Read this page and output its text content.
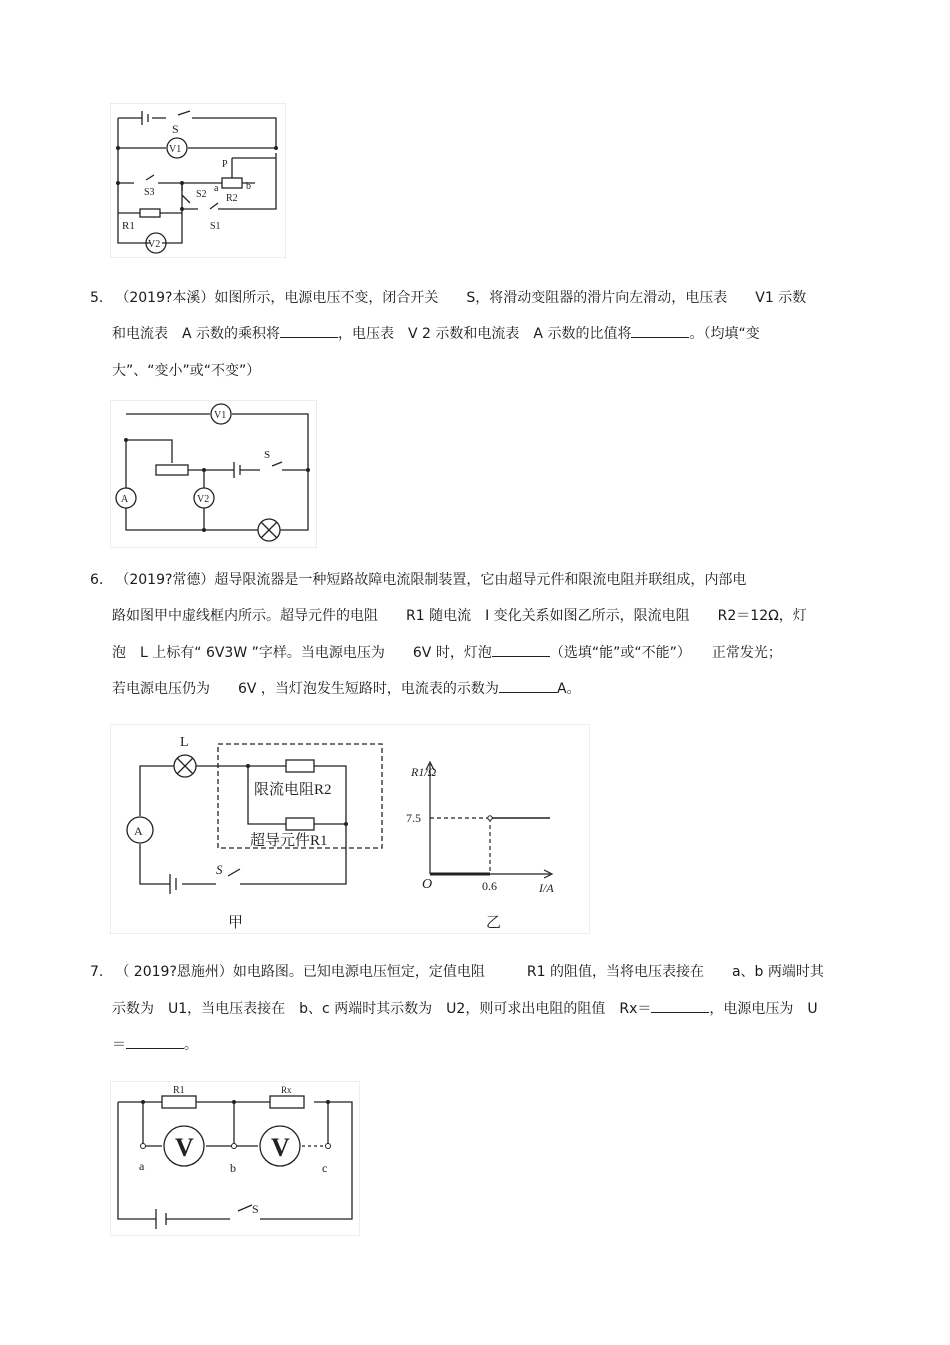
S
V1
P
S3	S2
a	b
R2
R1	S1
V2
5. （2019?本溪）如图所示，电源电压不变，闭合开关　　S，将滑动变阻器的滑片向左滑动，电压表　　V1 示数
和电流表　A 示数的乘积将	，电压表　V 2 示数和电流表　A 示数的比值将	。（均填“变
大”、“变小”或“不变”）
V1
S
A	V2
6. （2019?常德）超导限流器是一种短路故障电流限制装置，它由超导元件和限流电阻并联组成，内部电
路如图甲中虚线框内所示。超导元件的电阻　　R1 随电流　I 变化关系如图乙所示，限流电阻　　R2＝12Ω，灯
泡　L 上标有“ 6V3W ”字样。当电源电压为　　6V 时，灯泡	（选填“能”或“不能”）　　正常发光；
若电源电压仍为　　6V ，当灯泡发生短路时，电流表的示数为	A。
L
A
S
限流电阻R2
超导元件R1
甲
R1/Ω
I/A
O
7.5
0.6
乙
7. （ 2019?恩施州）如电路图。已知电源电压恒定，定值电阻　　　R1 的阻值，当将电压表接在　　a、b 两端时其
示数为　U1，当电压表接在　b、c 两端时其示数为　U2，则可求出电阻的阻值　Rx＝	，电源电压为　U
＝	。
R1	Rx
V	V
a	b	c
S
